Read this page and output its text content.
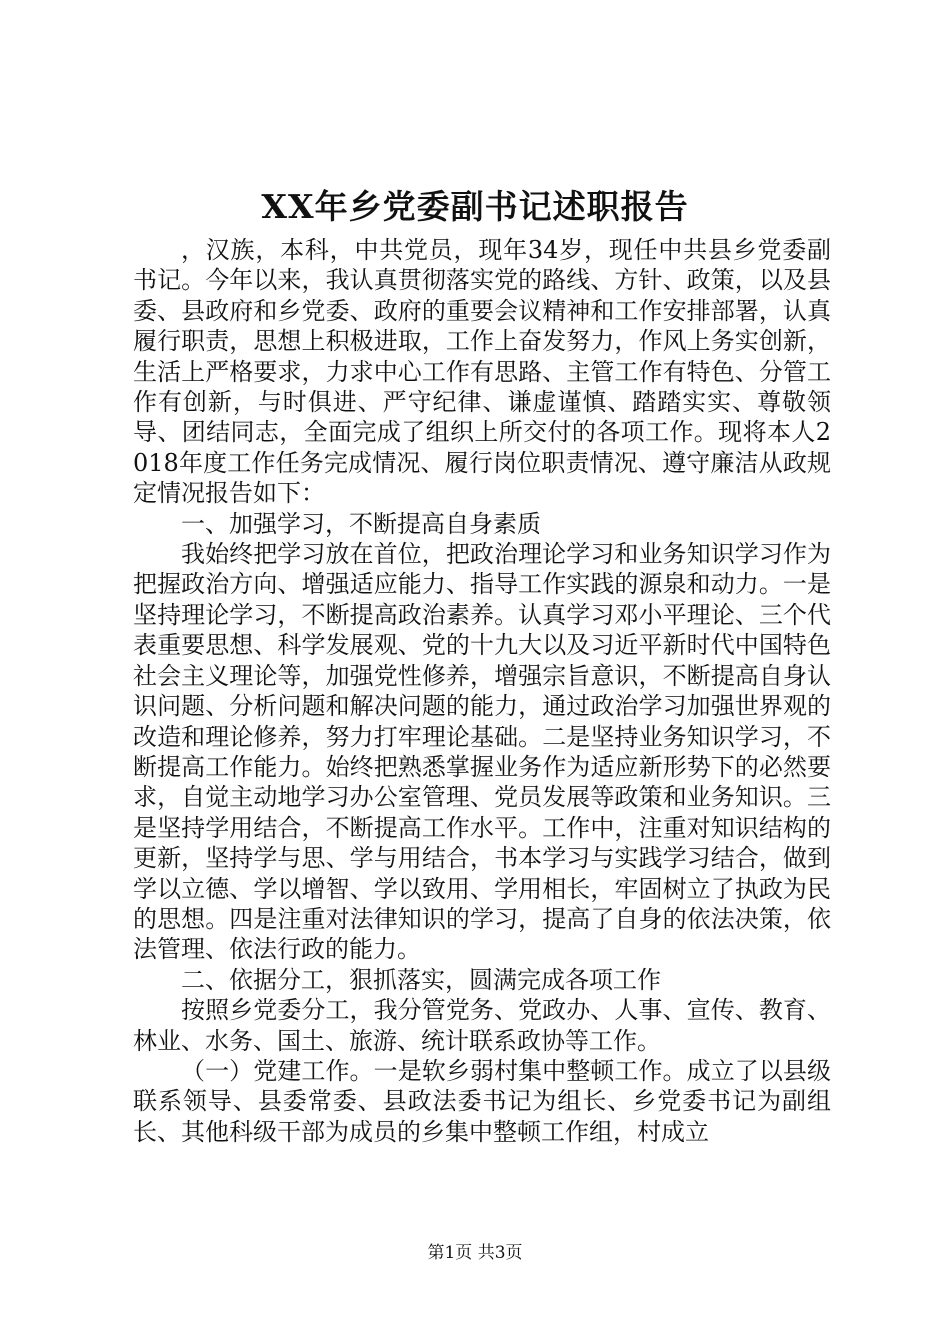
XX年乡党委副书记述职报告

，汉族，本科，中共党员，现年34岁，现任中共县乡党委副书记。今年以来，我认真贯彻落实党的路线、方针、政策，以及县委、县政府和乡党委、政府的重要会议精神和工作安排部署，认真履行职责，思想上积极进取，工作上奋发努力，作风上务实创新，生活上严格要求，力求中心工作有思路、主管工作有特色、分管工作有创新，与时俱进、严守纪律、谦虚谨慎、踏踏实实、尊敬领导、团结同志，全面完成了组织上所交付的各项工作。现将本人2018年度工作任务完成情况、履行岗位职责情况、遵守廉洁从政规定情况报告如下：

一、加强学习，不断提高自身素质

我始终把学习放在首位，把政治理论学习和业务知识学习作为把握政治方向、增强适应能力、指导工作实践的源泉和动力。一是坚持理论学习，不断提高政治素养。认真学习邓小平理论、三个代表重要思想、科学发展观、党的十九大以及习近平新时代中国特色社会主义理论等，加强党性修养，增强宗旨意识，不断提高自身认识问题、分析问题和解决问题的能力，通过政治学习加强世界观的改造和理论修养，努力打牢理论基础。二是坚持业务知识学习，不断提高工作能力。始终把熟悉掌握业务作为适应新形势下的必然要求，自觉主动地学习办公室管理、党员发展等政策和业务知识。三是坚持学用结合，不断提高工作水平。工作中，注重对知识结构的更新，坚持学与思、学与用结合，书本学习与实践学习结合，做到学以立德、学以增智、学以致用、学用相长，牢固树立了执政为民的思想。四是注重对法律知识的学习，提高了自身的依法决策，依法管理、依法行政的能力。

二、依据分工，狠抓落实，圆满完成各项工作

按照乡党委分工，我分管党务、党政办、人事、宣传、教育、林业、水务、国土、旅游、统计联系政协等工作。

（一）党建工作。一是软乡弱村集中整顿工作。成立了以县级联系领导、县委常委、县政法委书记为组长、乡党委书记为副组长、其他科级干部为成员的乡集中整顿工作组，村成立

第1页 共3页
